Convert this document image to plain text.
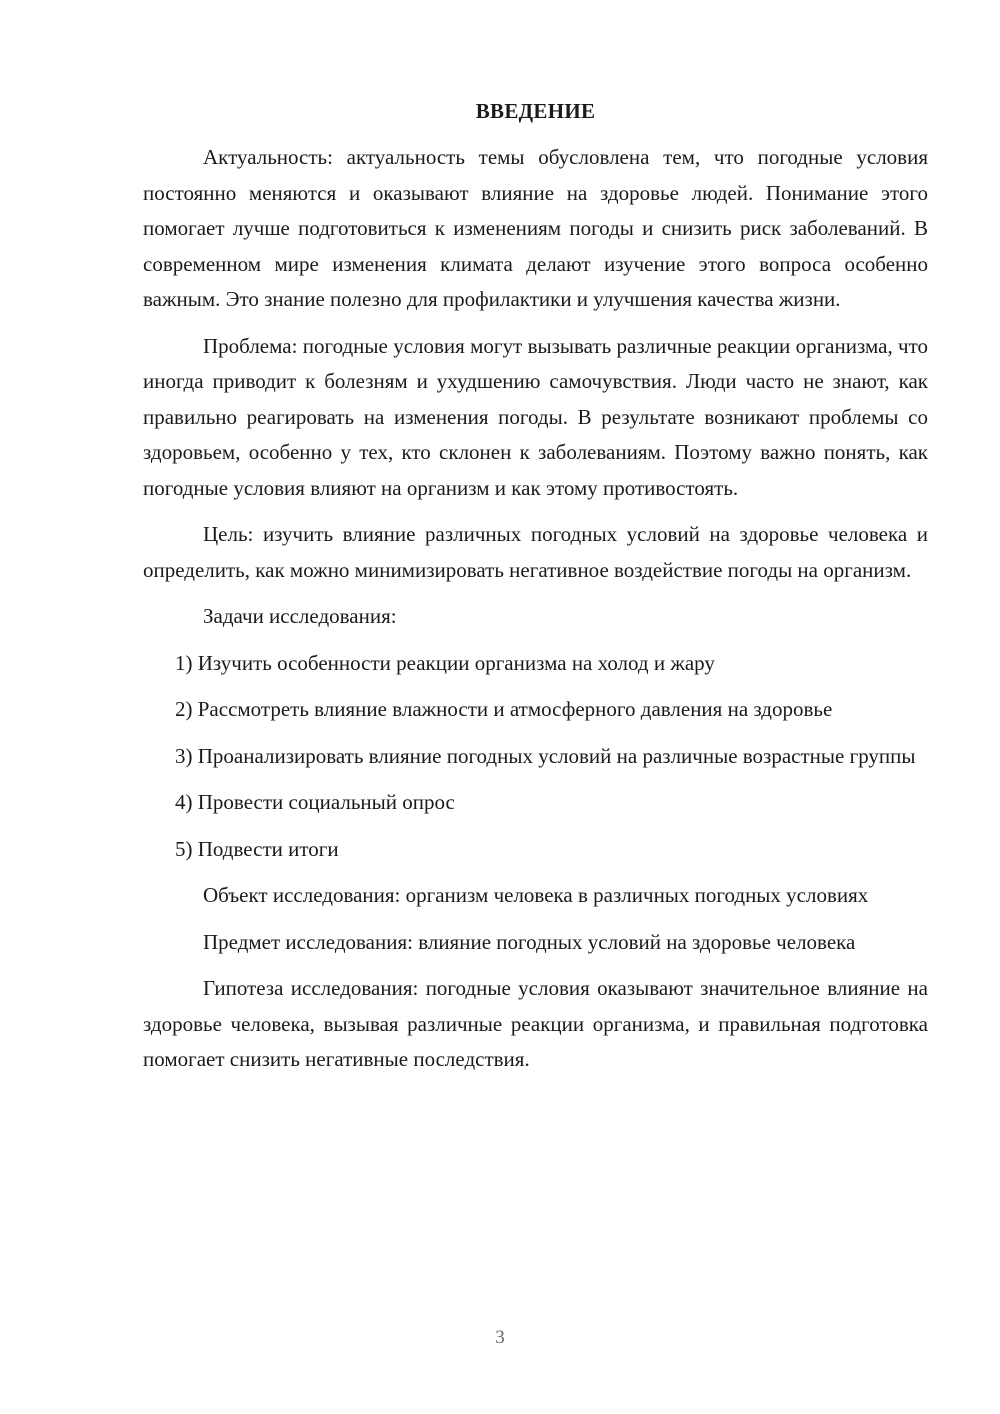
ВВЕДЕНИЕ

Актуальность: актуальность темы обусловлена тем, что погодные условия постоянно меняются и оказывают влияние на здоровье людей. Понимание этого помогает лучше подготовиться к изменениям погоды и снизить риск заболеваний. В современном мире изменения климата делают изучение этого вопроса особенно важным. Это знание полезно для профилактики и улучшения качества жизни.

Проблема: погодные условия могут вызывать различные реакции организма, что иногда приводит к болезням и ухудшению самочувствия. Люди часто не знают, как правильно реагировать на изменения погоды. В результате возникают проблемы со здоровьем, особенно у тех, кто склонен к заболеваниям. Поэтому важно понять, как погодные условия влияют на организм и как этому противостоять.

Цель: изучить влияние различных погодных условий на здоровье человека и определить, как можно минимизировать негативное воздействие погоды на организм.

Задачи исследования:

1) Изучить особенности реакции организма на холод и жару

2) Рассмотреть влияние влажности и атмосферного давления на здоровье

3) Проанализировать влияние погодных условий на различные возрастные группы

4) Провести социальный опрос

5) Подвести итоги

Объект исследования: организм человека в различных погодных условиях

Предмет исследования: влияние погодных условий на здоровье человека

Гипотеза исследования: погодные условия оказывают значительное влияние на здоровье человека, вызывая различные реакции организма, и правильная подготовка помогает снизить негативные последствия.

3
